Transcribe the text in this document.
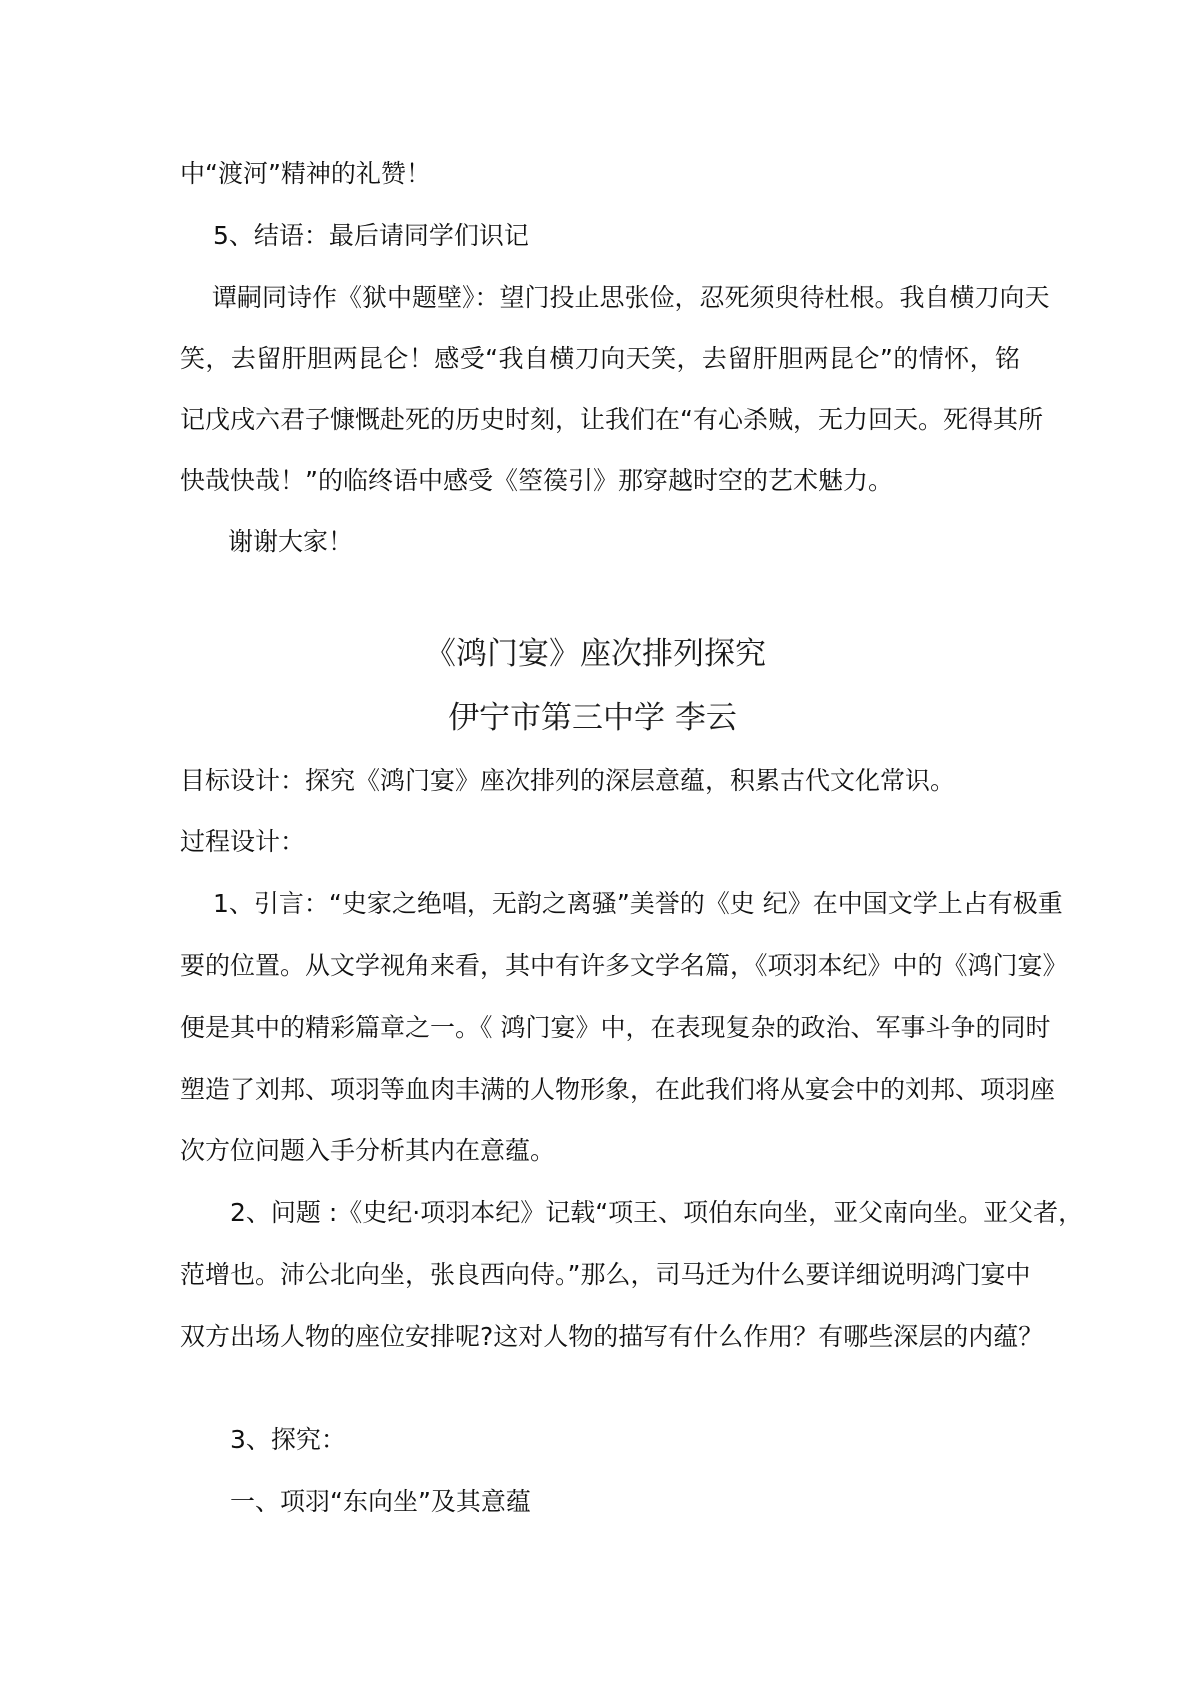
中“渡河”精神的礼赞！
5、结语：最后请同学们识记
谭嗣同诗作《狱中题壁》：望门投止思张俭，忍死须臾待杜根。我自横刀向天
笑，去留肝胆两昆仑！感受“我自横刀向天笑，去留肝胆两昆仑”的情怀，铭
记戊戌六君子慷慨赴死的历史时刻，让我们在“有心杀贼，无力回天。死得其所
快哉快哉！”的临终语中感受《箜篌引》那穿越时空的艺术魅力。
谢谢大家！
《鸿门宴》座次排列探究
伊宁市第三中学 李云
目标设计：探究《鸿门宴》座次排列的深层意蕴，积累古代文化常识。
过程设计：
1、引言：“史家之绝唱，无韵之离骚”美誉的《史 纪》在中国文学上占有极重
要的位置。从文学视角来看，其中有许多文学名篇，《项羽本纪》中的《鸿门宴》
便是其中的精彩篇章之一。《 鸿门宴》中，在表现复杂的政治、军事斗争的同时
塑造了刘邦、项羽等血肉丰满的人物形象，在此我们将从宴会中的刘邦、项羽座
次方位问题入手分析其内在意蕴。
2、问题 :《史纪·项羽本纪》记载“项王、项伯东向坐，亚父南向坐。亚父者，
范增也。沛公北向坐，张良西向侍。”那么，司马迁为什么要详细说明鸿门宴中
双方出场人物的座位安排呢?这对人物的描写有什么作用？有哪些深层的内蕴？
3、探究：
一、项羽“东向坐”及其意蕴
